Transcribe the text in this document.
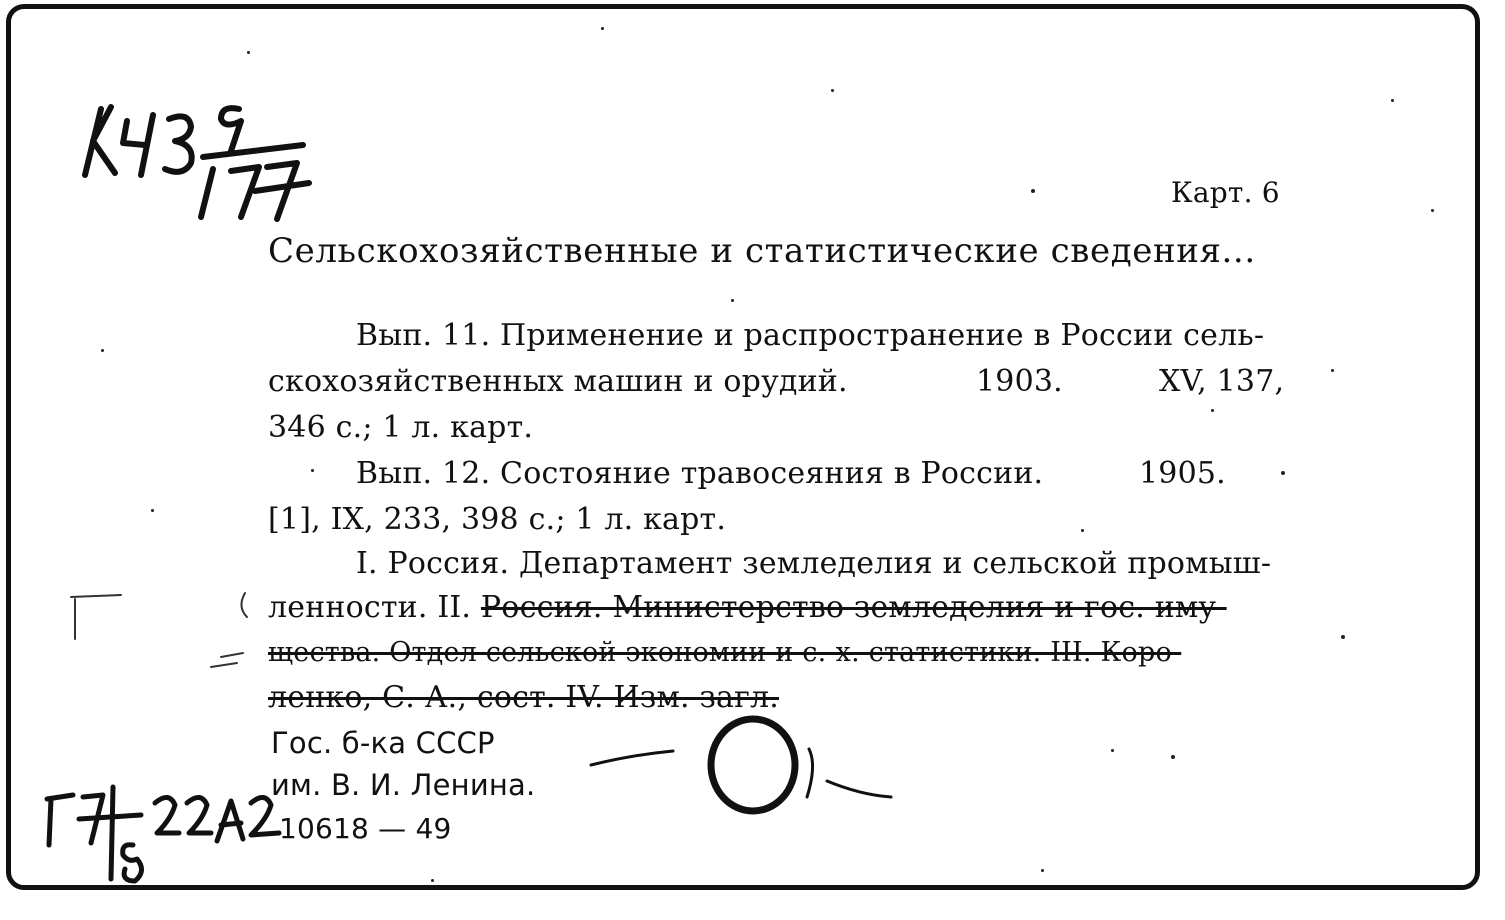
Карт. 6
Сельскохозяйственные и статистические сведения...
Вып. 11. Применение и распространение в России сель-
скохозяйственных машин и орудий.	1903.	XV, 137,
346 с.; 1 л. карт.
Вып. 12. Состояние травосеяния в России.	1905.
[1], IX, 233, 398 с.; 1 л. карт.
I. Россия. Департамент земледелия и сельской промыш-
ленности. II. Россия. Министерство земледелия и гос. иму-
щества. Отдел сельской экономии и с.-х. статистики. III. Коро-
ленко, С. А., сост. IV. Изм. загл.
Гос. б-ка СССР
им. В. И. Ленина.
10618 — 49
